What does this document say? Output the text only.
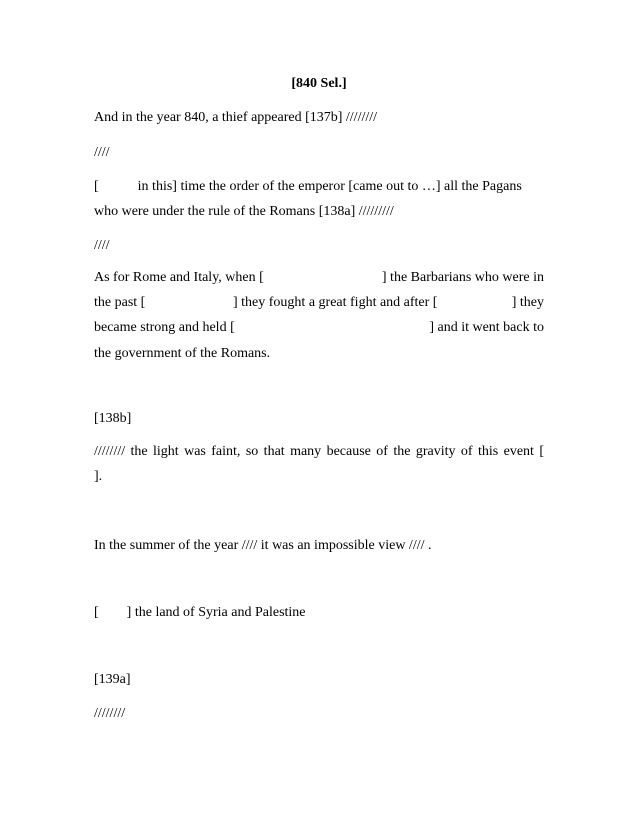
[840 Sel.]
And in the year 840, a thief appeared [137b] ////////
////
[	in this] time the order of the emperor [came out to …] all the Pagans
who were under the rule of the Romans [138a] /////////
////
As for Rome and Italy, when [	] the Barbarians who were in
the past [	] they fought a great fight and after [	] they
became strong and held [	] and it went back to
the government of the Romans.
[138b]
//////// the light was faint, so that many because of the gravity of this event [
].
In the summer of the year //// it was an impossible view //// .
[ ] the land of Syria and Palestine
[139a]
////////
